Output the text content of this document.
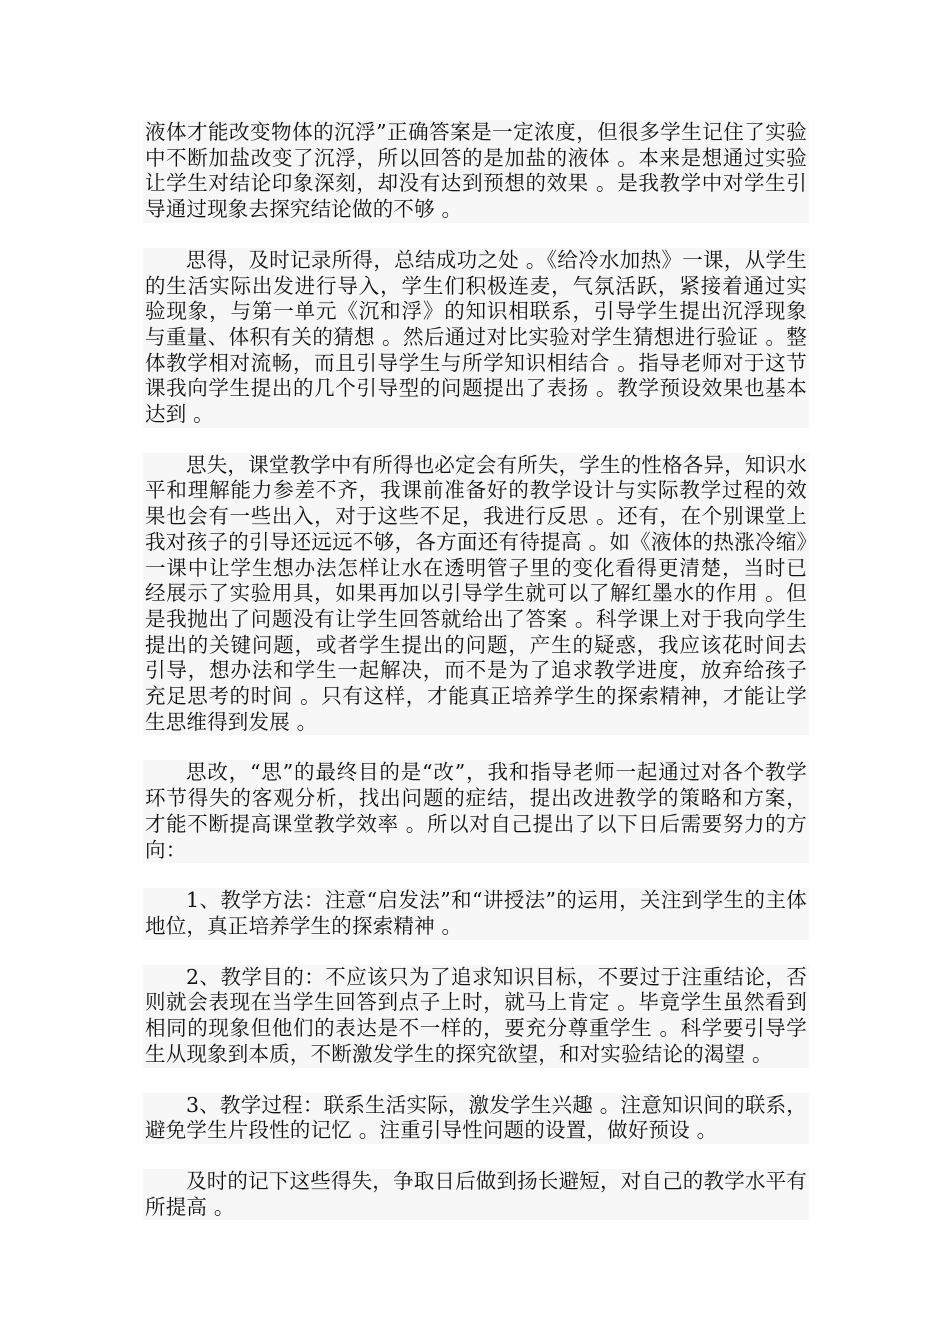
液体才能改变物体的沉浮”正确答案是一定浓度，但很多学生记住了实验中不断加盐改变了沉浮，所以回答的是加盐的液体 。本来是想通过实验让学生对结论印象深刻，却没有达到预想的效果 。是我教学中对学生引导通过现象去探究结论做的不够 。

思得，及时记录所得，总结成功之处 。《给冷水加热》一课，从学生的生活实际出发进行导入，学生们积极连麦，气氛活跃，紧接着通过实验现象，与第一单元《沉和浮》的知识相联系，引导学生提出沉浮现象与重量、体积有关的猜想 。然后通过对比实验对学生猜想进行验证 。整体教学相对流畅，而且引导学生与所学知识相结合 。指导老师对于这节课我向学生提出的几个引导型的问题提出了表扬 。教学预设效果也基本达到 。

思失，课堂教学中有所得也必定会有所失，学生的性格各异，知识水平和理解能力参差不齐，我课前准备好的教学设计与实际教学过程的效果也会有一些出入，对于这些不足，我进行反思 。还有，在个别课堂上我对孩子的引导还远远不够，各方面还有待提高 。如《液体的热涨冷缩》一课中让学生想办法怎样让水在透明管子里的变化看得更清楚，当时已经展示了实验用具，如果再加以引导学生就可以了解红墨水的作用 。但是我抛出了问题没有让学生回答就给出了答案 。科学课上对于我向学生提出的关键问题，或者学生提出的问题，产生的疑惑，我应该花时间去引导，想办法和学生一起解决，而不是为了追求教学进度，放弃给孩子充足思考的时间 。只有这样，才能真正培养学生的探索精神，才能让学生思维得到发展 。

思改，“思”的最终目的是“改”，我和指导老师一起通过对各个教学环节得失的客观分析，找出问题的症结，提出改进教学的策略和方案，才能不断提高课堂教学效率 。所以对自己提出了以下日后需要努力的方向：

1、教学方法：注意“启发法”和“讲授法”的运用，关注到学生的主体地位，真正培养学生的探索精神 。

2、教学目的：不应该只为了追求知识目标，不要过于注重结论，否则就会表现在当学生回答到点子上时，就马上肯定 。毕竟学生虽然看到相同的现象但他们的表达是不一样的，要充分尊重学生 。科学要引导学生从现象到本质，不断激发学生的探究欲望，和对实验结论的渴望 。

3、教学过程：联系生活实际，激发学生兴趣 。注意知识间的联系，避免学生片段性的记忆 。注重引导性问题的设置，做好预设 。

及时的记下这些得失，争取日后做到扬长避短，对自己的教学水平有所提高 。
